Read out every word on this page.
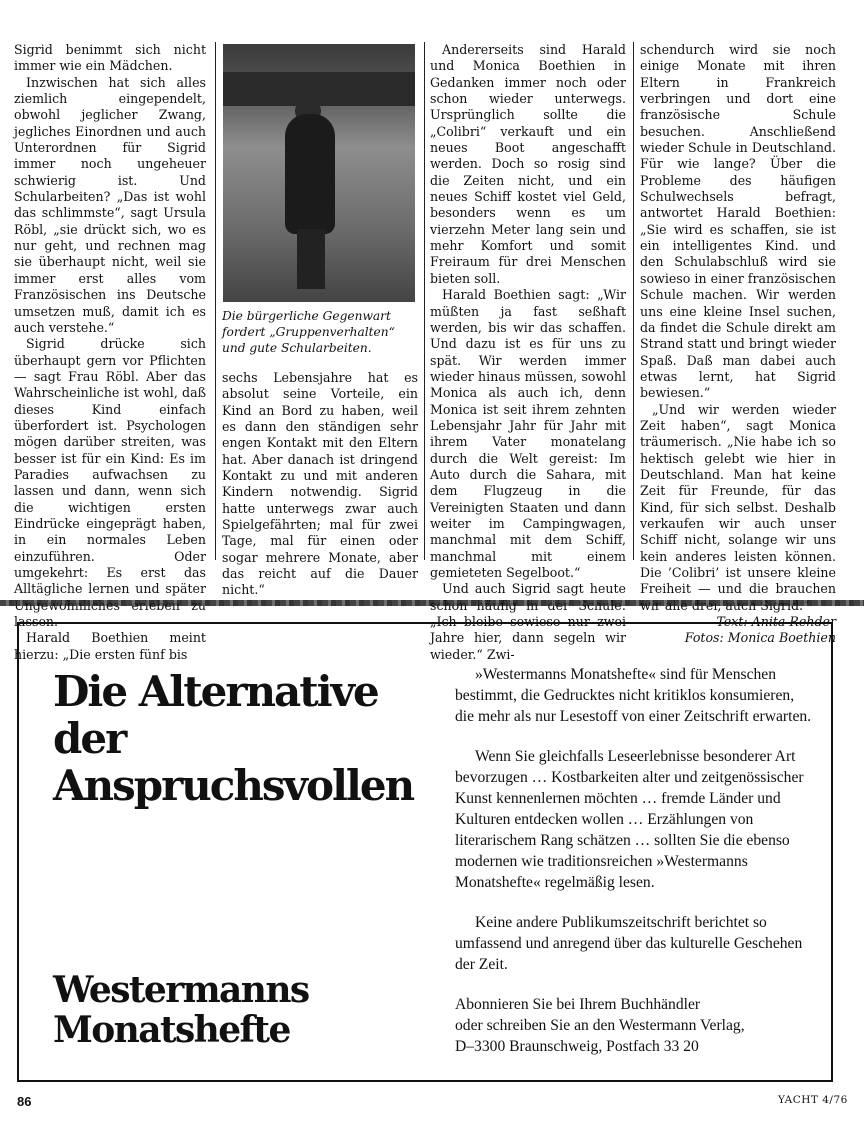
Sigrid benimmt sich nicht immer wie ein Mädchen.

Inzwischen hat sich alles ziemlich eingependelt, obwohl jeglicher Zwang, jegliches Einordnen und auch Unterordnen für Sigrid immer noch ungeheuer schwierig ist. Und Schularbeiten? „Das ist wohl das schlimmste“, sagt Ursula Röbl, „sie drückt sich, wo es nur geht, und rechnen mag sie überhaupt nicht, weil sie immer erst alles vom Französischen ins Deutsche umsetzen muß, damit ich es auch verstehe.“

Sigrid drücke sich überhaupt gern vor Pflichten — sagt Frau Röbl. Aber das Wahrscheinliche ist wohl, daß dieses Kind einfach überfordert ist. Psychologen mögen darüber streiten, was besser ist für ein Kind: Es im Paradies aufwachsen zu lassen und dann, wenn sich die wichtigen ersten Eindrücke eingeprägt haben, in ein normales Leben einzuführen. Oder umgekehrt: Es erst das Alltägliche lernen und später lassen.

Harald Boethien meint hierzu: „Die ersten fünf bis

Die bürgerliche Gegenwart fordert „Gruppenverhalten“ und gute Schularbeiten.

sechs Lebensjahre hat es absolut seine Vorteile, ein Kind an Bord zu haben, weil es dann den ständigen sehr engen Kontakt mit den Eltern hat. Aber danach ist dringend Kontakt zu und mit anderen Kindern notwendig. Sigrid hatte unterwegs zwar auch Spielgefährten; mal für zwei Tage, mal für einen oder sogar mehrere Monate, aber das reicht auf die Dauer nicht.“

Andererseits sind Harald und Monica Boethien in Gedanken immer noch oder schon wieder unterwegs. Ursprünglich sollte die „Colibri“ verkauft und ein neues Boot angeschafft werden. Doch so rosig sind die Zeiten nicht, und ein neues Schiff kostet viel Geld, besonders wenn es um vierzehn Meter lang sein und mehr Komfort und somit Freiraum für drei Menschen bieten soll.

Harald Boethien sagt: „Wir müßten ja fast seßhaft werden, bis wir das schaffen. Und dazu ist es für uns zu spät. Wir werden immer wieder hinaus müssen, sowohl Monica als auch ich, denn Monica ist seit ihrem zehnten Lebensjahr Jahr für Jahr mit ihrem Vater monatelang durch die Welt gereist: Im Auto durch die Sahara, mit dem Flugzeug in die Vereinigten Staaten und dann weiter im Campingwagen, manchmal mit dem Schiff, manchmal mit einem gemieteten Segelboot.“

Und auch Sigrid sagt heute „Ich bleibe sowieso nur zwei Jahre hier, dann segeln wir wieder.“ Zwi-

schendurch wird sie noch einige Monate mit ihren Eltern in Frankreich verbringen und dort eine französische Schule besuchen. Anschließend wieder Schule in Deutschland. Für wie lange? Über die Probleme des häufigen Schulwechsels befragt, antwortet Harald Boethien: „Sie wird es schaffen, sie ist ein intelligentes Kind. und den Schulabschluß wird sie sowieso in einer französischen Schule machen. Wir werden uns eine kleine Insel suchen, da findet die Schule direkt am Strand statt und bringt wieder Spaß. Daß man dabei auch etwas lernt, hat Sigrid bewiesen.“

„Und wir werden wieder Zeit haben“, sagt Monica träumerisch. „Nie habe ich so hektisch gelebt wie hier in Deutschland. Man hat keine Zeit für Freunde, für das Kind, für sich selbst. Deshalb verkaufen wir auch unser Schiff nicht, solange wir uns kein anderes leisten können. Die ’Colibri’ ist unsere kleine Freiheit — und die brauchen

Text: Anita Rehder

Fotos: Monica Boethien

Die Alternative
der
Anspruchsvollen
Westermanns
Monatshefte

»Westermanns Monatshefte« sind für Menschen bestimmt, die Gedrucktes nicht kritiklos konsumieren, die mehr als nur Lesestoff von einer Zeitschrift erwarten.

Wenn Sie gleichfalls Leseerlebnisse besonderer Art bevorzugen … Kostbarkeiten alter und zeitgenössischer Kunst kennenlernen möchten … fremde Länder und Kulturen entdecken wollen … Erzählungen von literarischem Rang schätzen … sollten Sie die ebenso modernen wie traditionsreichen »Westermanns Monatshefte« regelmäßig lesen.

Keine andere Publikumszeitschrift berichtet so umfassend und anregend über das kulturelle Geschehen der Zeit.

Abonnieren Sie bei Ihrem Buchhändler
oder schreiben Sie an den Westermann Verlag,
D–3300 Braunschweig, Postfach 33 20

86	YACHT 4/76
